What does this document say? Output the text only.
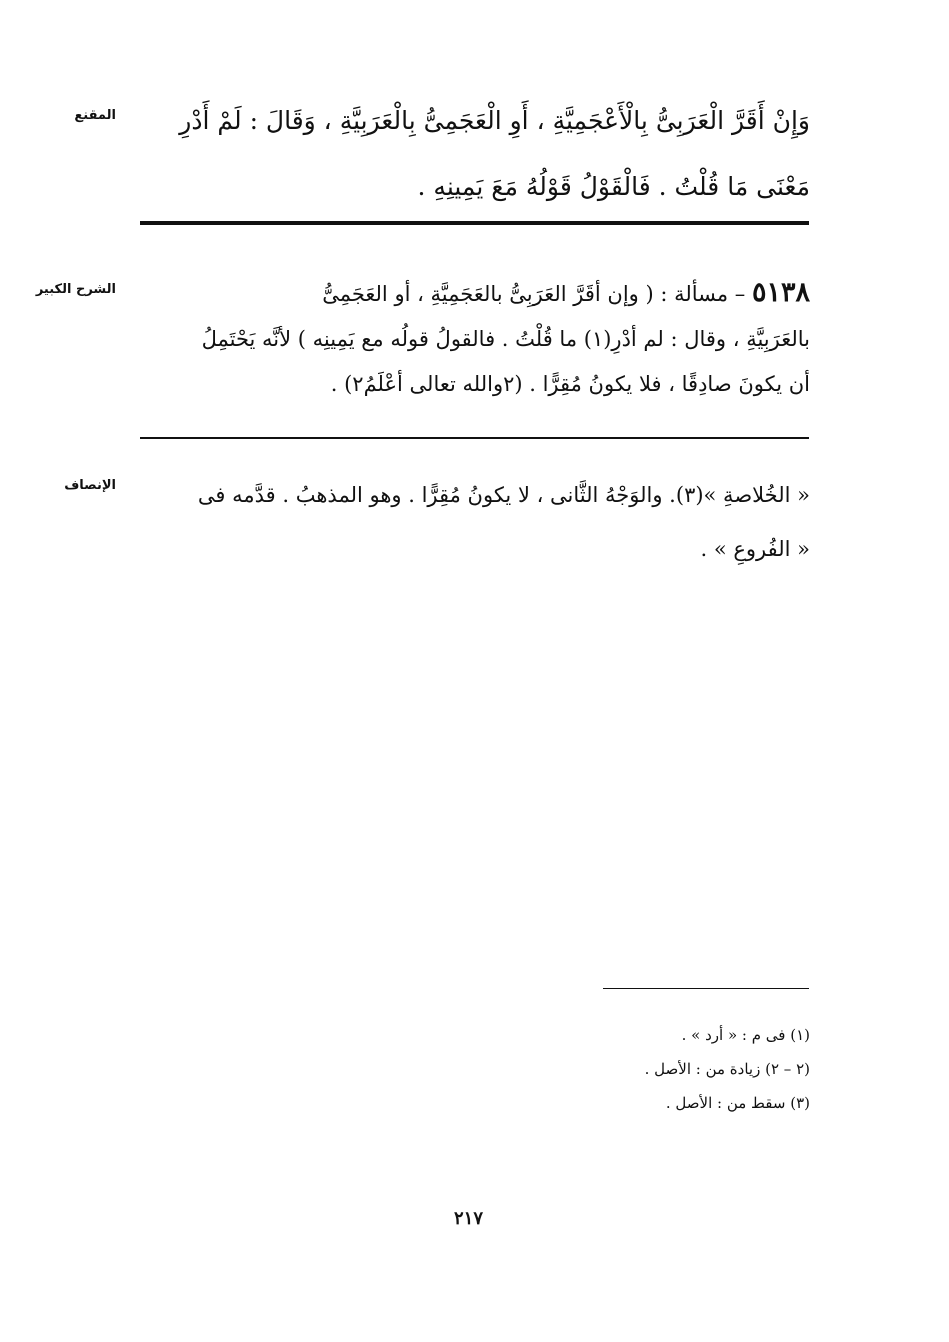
المقنع	وَإِنْ أَقَرَّ الْعَرَبِىُّ بِالْأَعْجَمِيَّةِ ، أَوِ الْعَجَمِىُّ بِالْعَرَبِيَّةِ ، وَقَالَ : لَمْ أَدْرِ
مَعْنَى مَا قُلْتُ . فَالْقَوْلُ قَوْلُهُ مَعَ يَمِينِهِ .
الشرح الكبير	٥١٣٨ – مسألة : ( وإن أقَرَّ العَرَبِىُّ بالعَجَمِيَّةِ ، أو العَجَمِىُّ
بالعَرَبِيَّةِ ، وقال : لم أدْرِ(١) ما قُلْتُ . فالقولُ قولُه مع يَمِينِه ) لأنَّه يَحْتَمِلُ
أن يكونَ صادِقًا ، فلا يكونُ مُقِرًّا . (٢والله تعالى أعْلَمُ٢) .
الإنصاف	« الخُلاصةِ »(٣). والوَجْهُ الثَّانى ، لا يكونُ مُقِرًّا . وهو المذهبُ . قدَّمه فى
« الفُروعِ » .
(١) فى م : « أرد » .
(٢ – ٢) زيادة من : الأصل .
(٣) سقط من : الأصل .
٢١٧
